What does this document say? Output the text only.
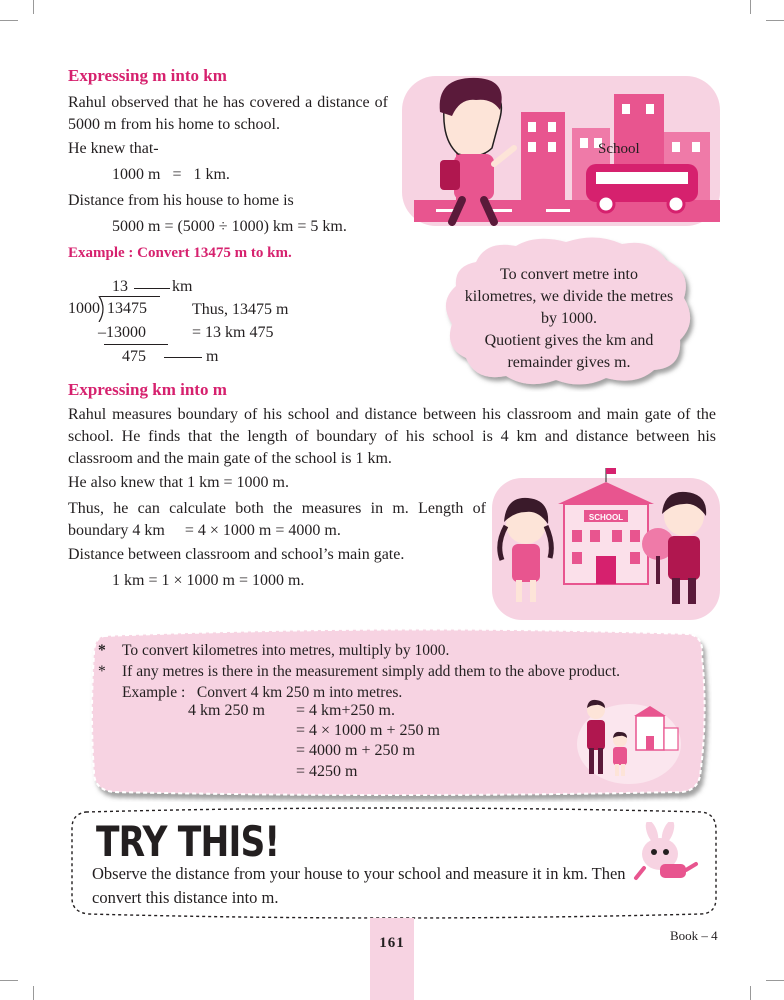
Expressing m into km
Rahul observed that he has covered a distance of 5000 m from his home to school.
He knew that-
1000 m   =   1 km.
Distance from his house to home is
5000 m = (5000 ÷ 1000) km = 5 km.
School
Example : Convert 13475 m to km.
13	km
1000 13475
–13000
475	m
Thus, 13475 m
= 13 km 475
To convert metre into kilometres, we divide the metres by 1000.
Quotient gives the km and remainder gives m.
Expressing km into m
Rahul measures boundary of his school and distance between his classroom and main gate of the school. He finds that the length of boundary of his school is 4 km and distance between his classroom and the main gate of the school is 1 km.
He also knew that 1 km = 1000 m.
Thus, he can calculate both the measures in m. Length of boundary 4 km     = 4 × 1000 m = 4000 m.
Distance between classroom and school’s main gate.
1 km = 1 × 1000 m = 1000 m.
SCHOOL
* To convert kilometres into metres, multiply by 1000.
* If any metres is there in the measurement simply add them to the above product.
Example :   Convert 4 km 250 m into metres.
4 km 250 m = 4 km+250 m.
= 4 × 1000 m + 250 m
= 4000 m + 250 m
= 4250 m
TRY THIS!
Observe the distance from your house to your school and measure it in km. Then convert this distance into m.
161	Book – 4
